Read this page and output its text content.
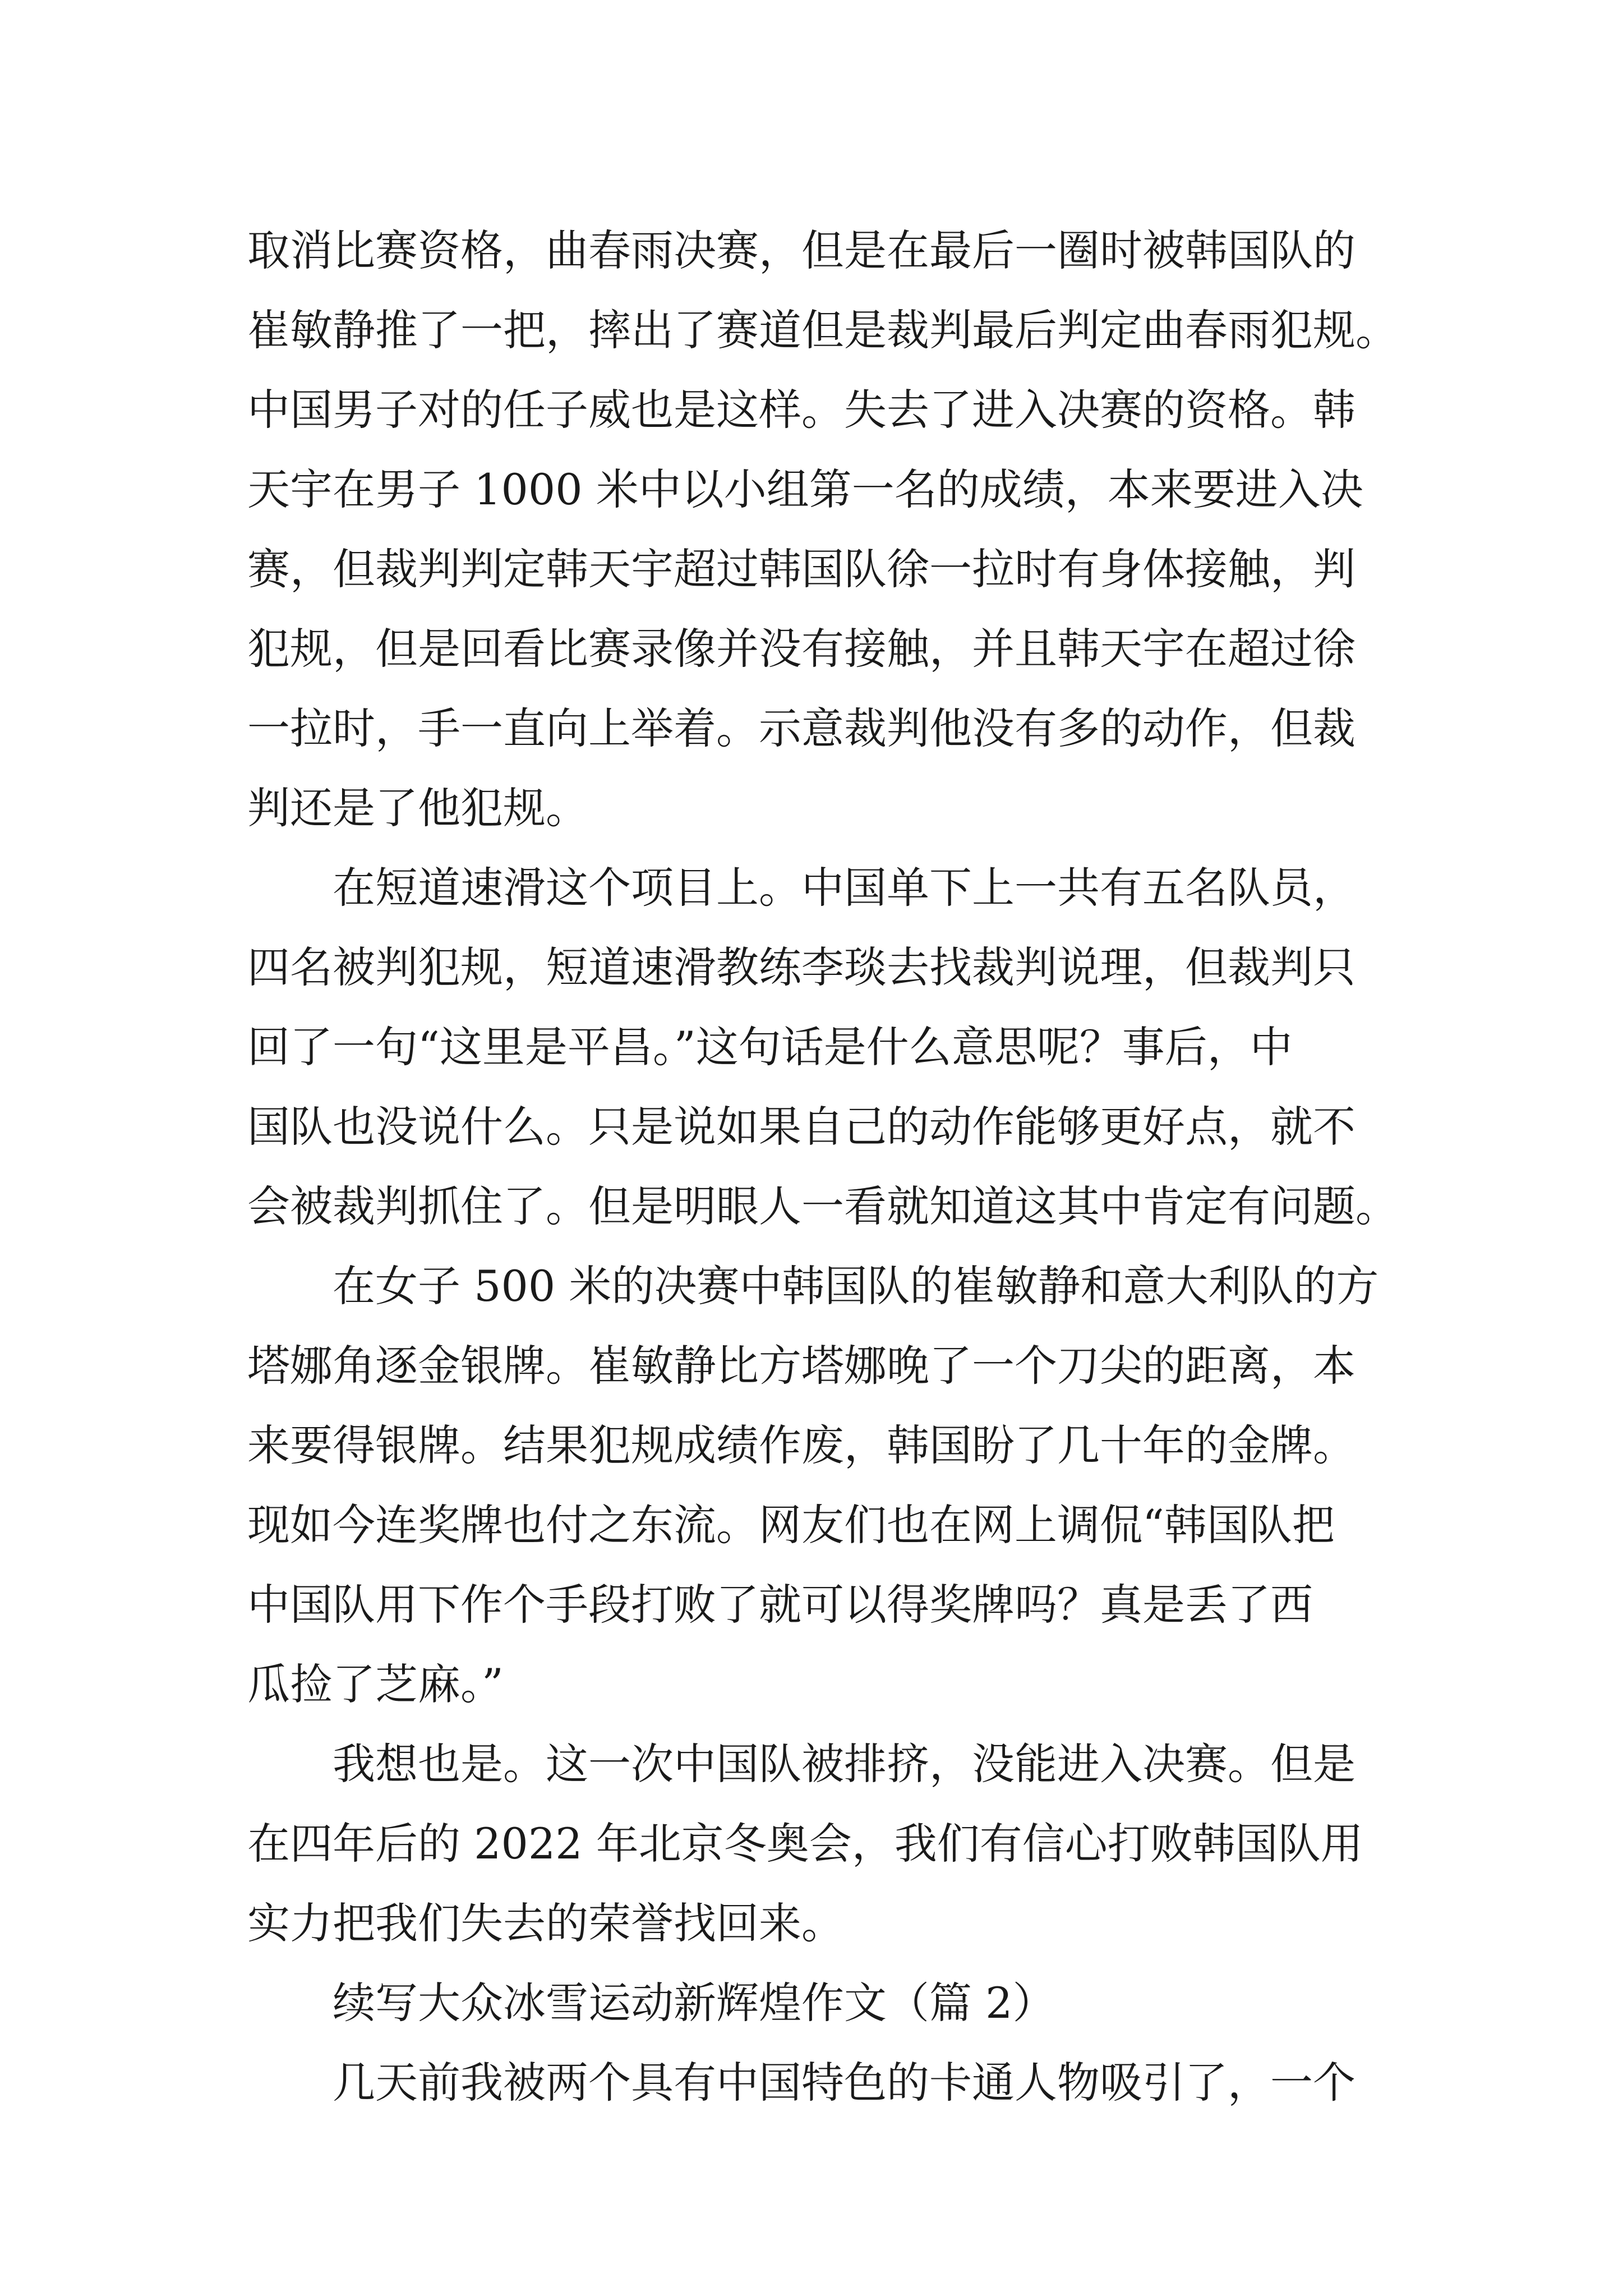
取消比赛资格，曲春雨决赛，但是在最后一圈时被韩国队的
崔敏静推了一把，摔出了赛道但是裁判最后判定曲春雨犯规。
中国男子对的任子威也是这样。失去了进入决赛的资格。韩
天宇在男子 1000 米中以小组第一名的成绩，本来要进入决
赛，但裁判判定韩天宇超过韩国队徐一拉时有身体接触，判
犯规，但是回看比赛录像并没有接触，并且韩天宇在超过徐
一拉时，手一直向上举着。示意裁判他没有多的动作，但裁
判还是了他犯规。
在短道速滑这个项目上。中国单下上一共有五名队员，
四名被判犯规，短道速滑教练李琰去找裁判说理，但裁判只
回了一句“这里是平昌。”这句话是什么意思呢？事后，中
国队也没说什么。只是说如果自己的动作能够更好点，就不
会被裁判抓住了。但是明眼人一看就知道这其中肯定有问题。
在女子 500 米的决赛中韩国队的崔敏静和意大利队的方
塔娜角逐金银牌。崔敏静比方塔娜晚了一个刀尖的距离，本
来要得银牌。结果犯规成绩作废，韩国盼了几十年的金牌。
现如今连奖牌也付之东流。网友们也在网上调侃“韩国队把
中国队用下作个手段打败了就可以得奖牌吗？真是丢了西
瓜捡了芝麻。”
我想也是。这一次中国队被排挤，没能进入决赛。但是
在四年后的 2022 年北京冬奥会，我们有信心打败韩国队用
实力把我们失去的荣誉找回来。
续写大众冰雪运动新辉煌作文（篇 2）
几天前我被两个具有中国特色的卡通人物吸引了，一个
